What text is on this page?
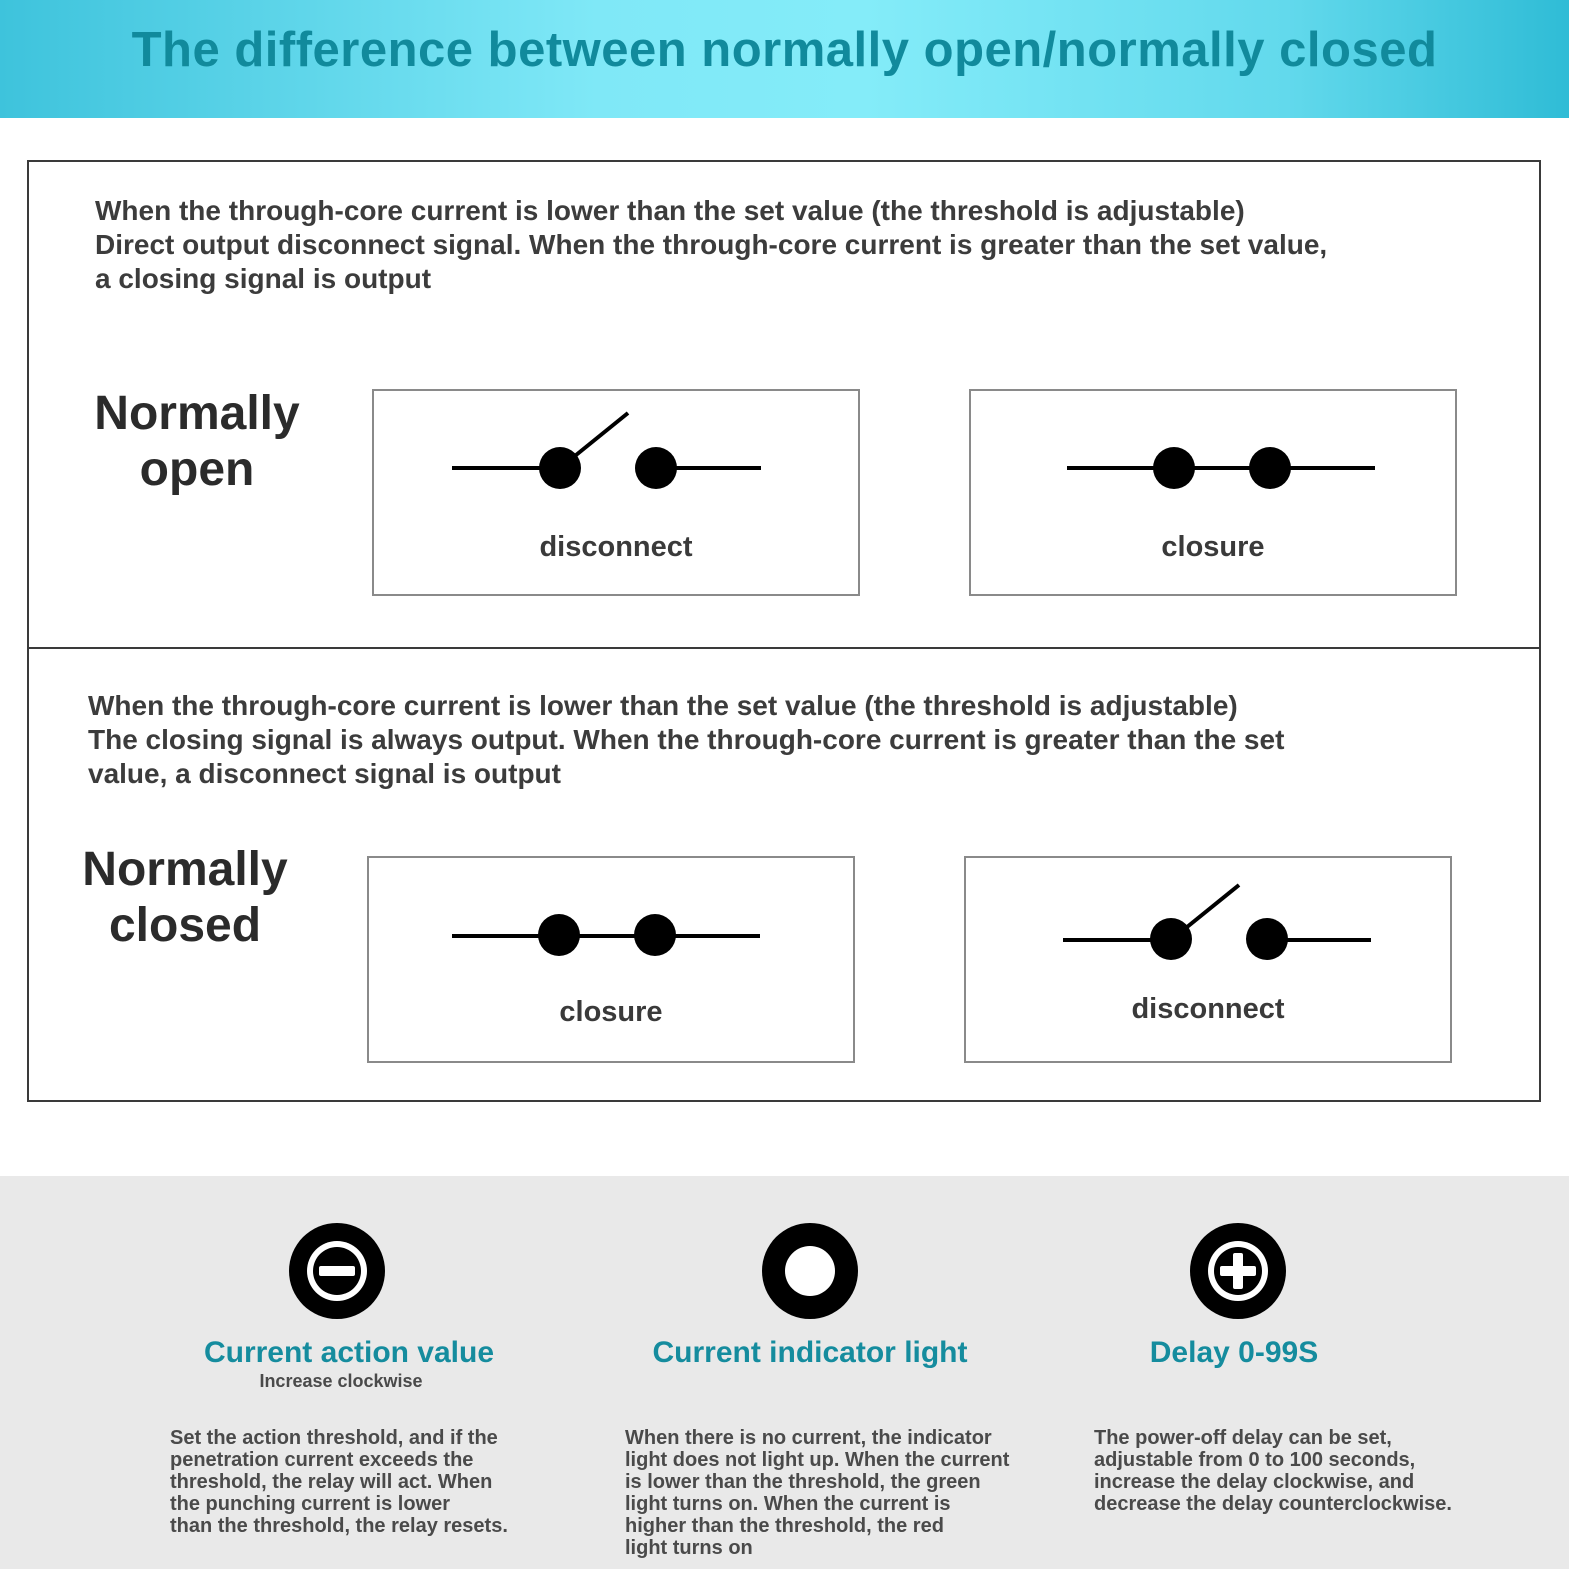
The difference between normally open/normally closed
When the through-core current is lower than the set value (the threshold is adjustable)
Direct output disconnect signal. When the through-core current is greater than the set value,
a closing signal is output
Normally
open
disconnect	closure
When the through-core current is lower than the set value (the threshold is adjustable)
The closing signal is always output. When the through-core current is greater than the set
value, a disconnect signal is output
Normally
closed
closure	disconnect
Current action value
Increase clockwise
Set the action threshold, and if the
penetration current exceeds the
threshold, the relay will act. When
the punching current is lower
than the threshold, the relay resets.
Current indicator light
When there is no current, the indicator
light does not light up. When the current
is lower than the threshold, the green
light turns on. When the current is
higher than the threshold, the red
light turns on
Delay 0-99S
The power-off delay can be set,
adjustable from 0 to 100 seconds,
increase the delay clockwise, and
decrease the delay counterclockwise.
